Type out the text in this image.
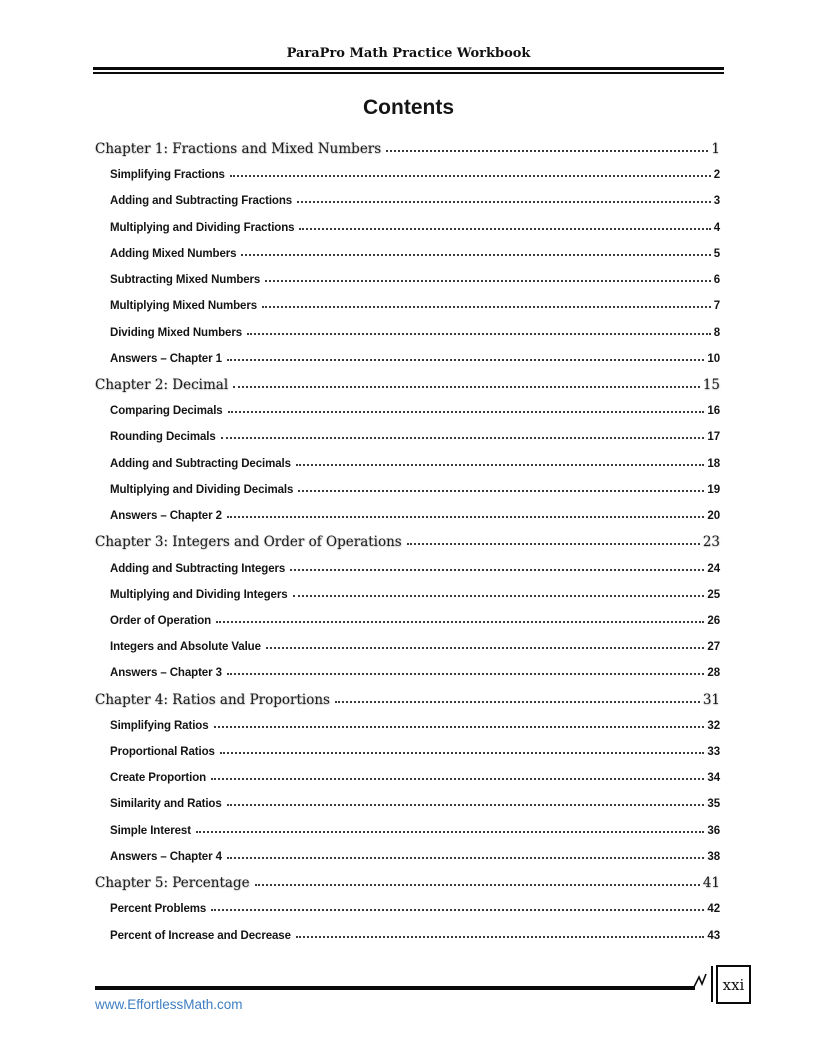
ParaPro Math Practice Workbook
Contents
Chapter 1: Fractions and Mixed Numbers	1
Simplifying Fractions	2
Adding and Subtracting Fractions	3
Multiplying and Dividing Fractions	4
Adding Mixed Numbers	5
Subtracting Mixed Numbers	6
Multiplying Mixed Numbers	7
Dividing Mixed Numbers	8
Answers – Chapter 1	10
Chapter 2: Decimal	15
Comparing Decimals	16
Rounding Decimals	17
Adding and Subtracting Decimals	18
Multiplying and Dividing Decimals	19
Answers – Chapter 2	20
Chapter 3: Integers and Order of Operations	23
Adding and Subtracting Integers	24
Multiplying and Dividing Integers	25
Order of Operation	26
Integers and Absolute Value	27
Answers – Chapter 3	28
Chapter 4: Ratios and Proportions	31
Simplifying Ratios	32
Proportional Ratios	33
Create Proportion	34
Similarity and Ratios	35
Simple Interest	36
Answers – Chapter 4	38
Chapter 5: Percentage	41
Percent Problems	42
Percent of Increase and Decrease	43
xxi
www.EffortlessMath.com
